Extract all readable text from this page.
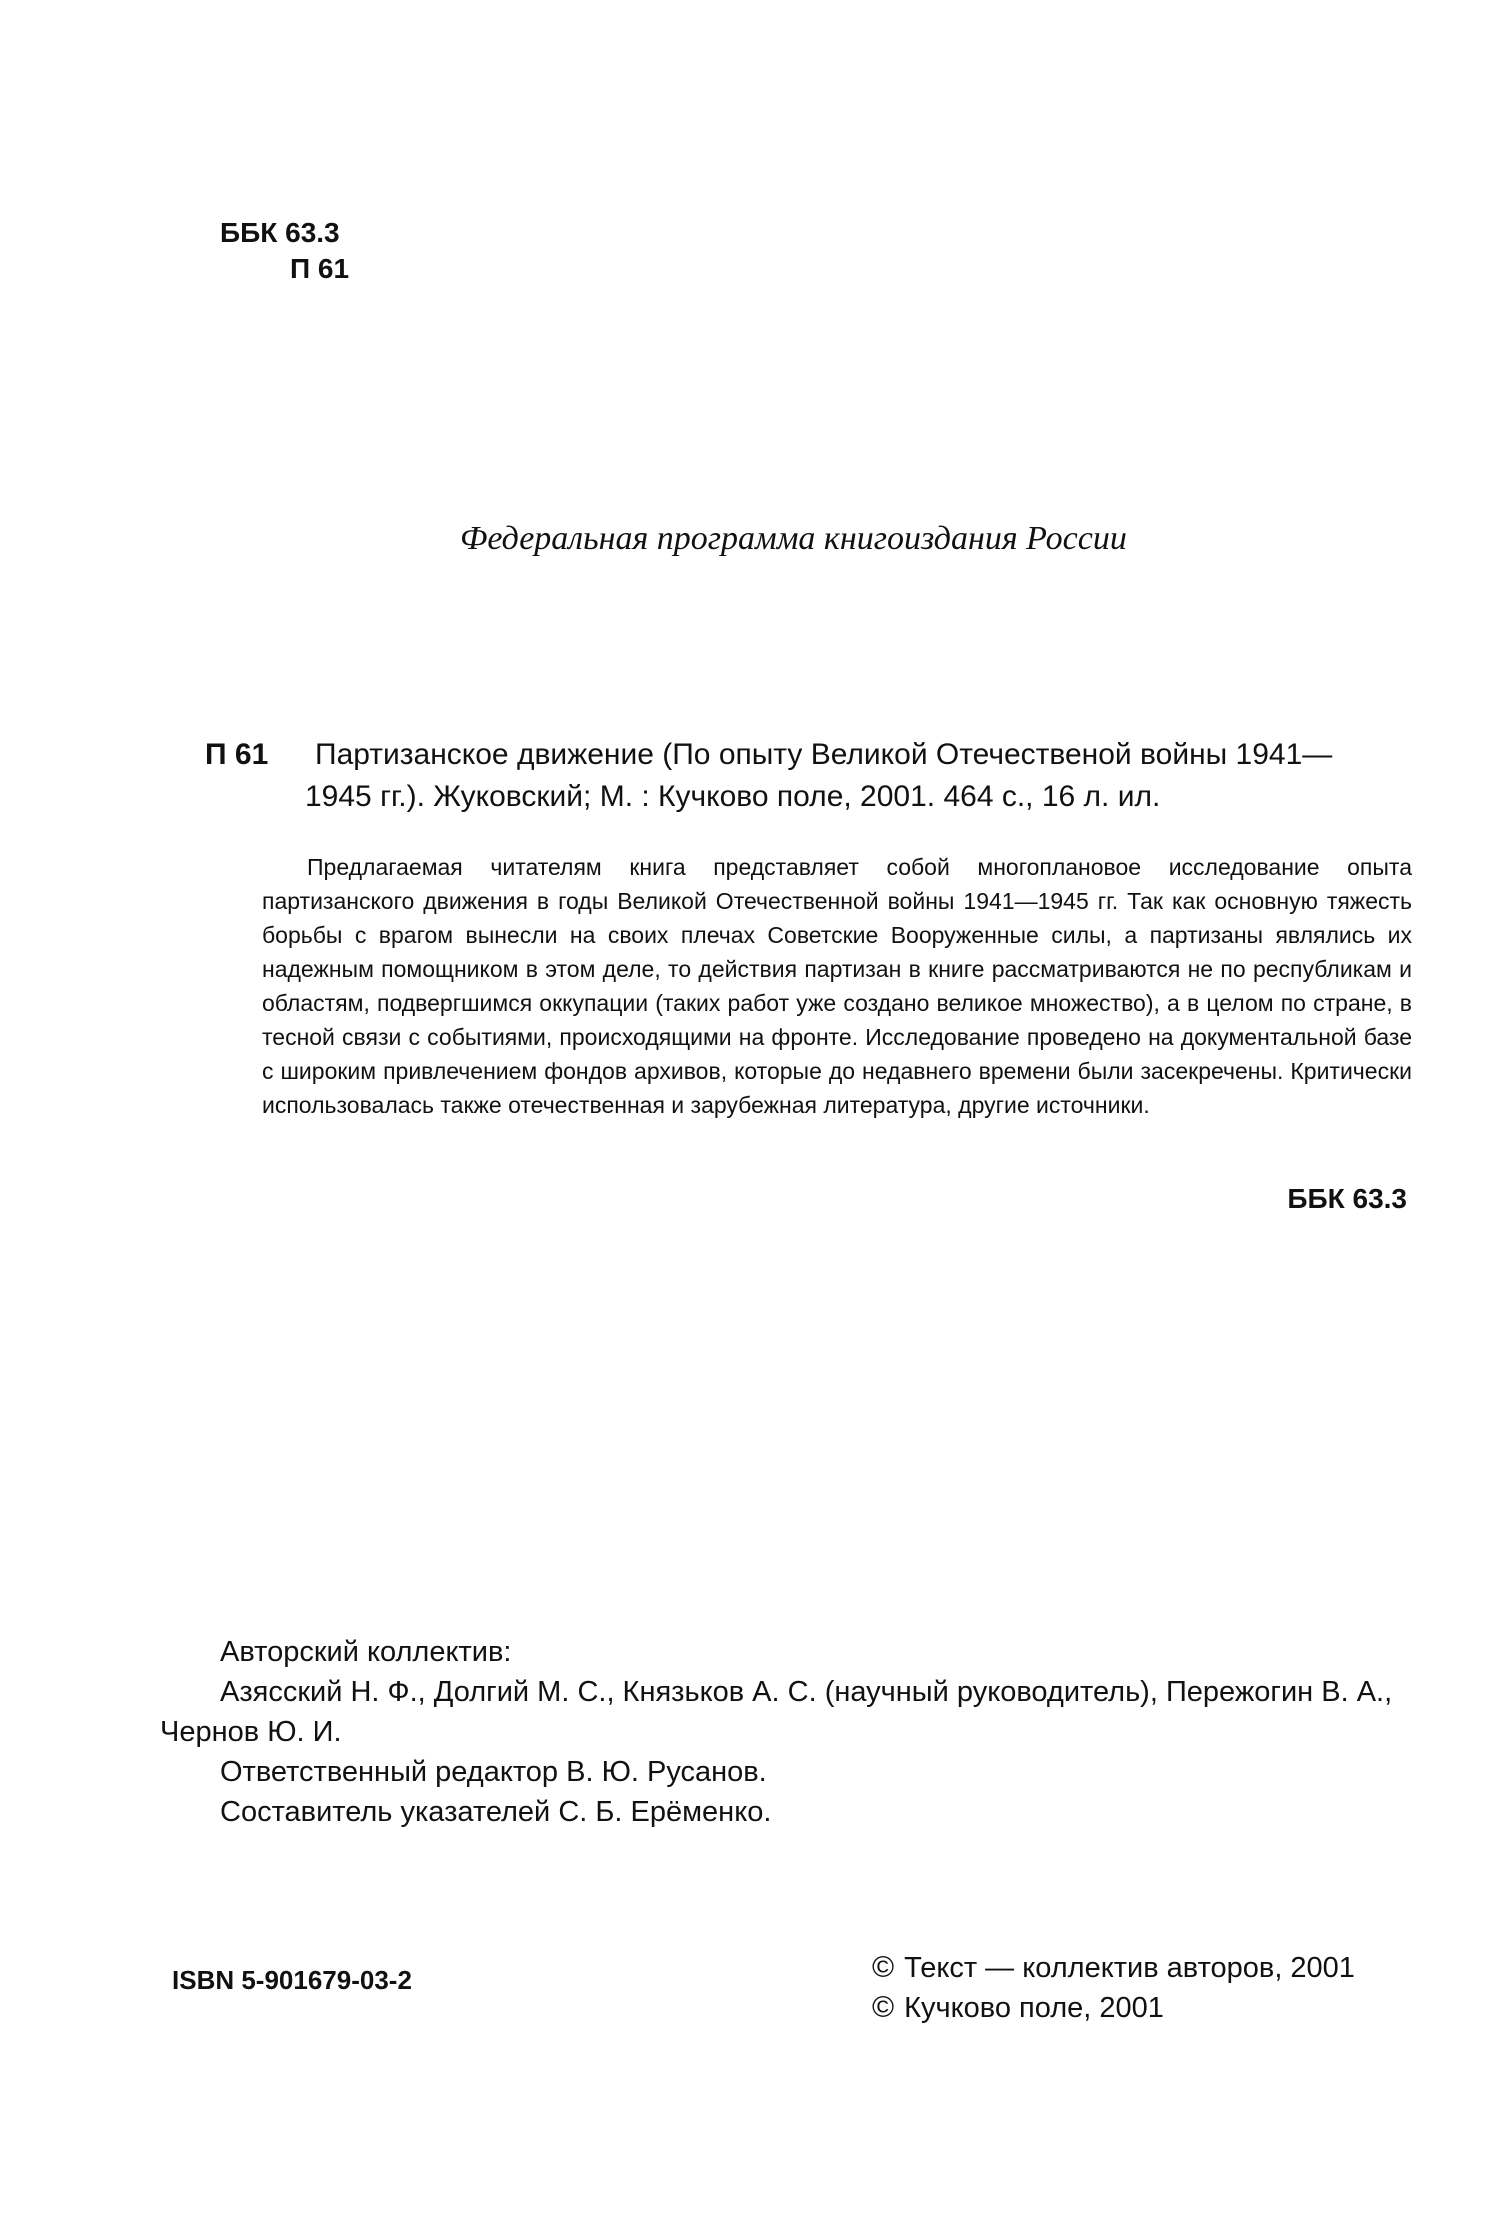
ББК 63.3
П 61
Федеральная программа книгоиздания России
П 61 Партизанское движение (По опыту Великой Отечественой войны 1941—
1945 гг.). Жуковский; М. : Кучково поле, 2001. 464 с., 16 л. ил.
Предлагаемая читателям книга представляет собой многоплановое исследование опыта партизанского движения в годы Великой Отечественной войны 1941—1945 гг. Так как основную тяжесть борьбы с врагом вынесли на своих плечах Советские Вооруженные силы, а партизаны являлись их надежным помощником в этом деле, то действия партизан в книге рассматриваются не по республикам и областям, подвергшимся оккупации (таких работ уже создано великое множество), а в целом по стране, в тесной связи с событиями, происходящими на фронте. Исследование проведено на документальной базе с широким привлечением фондов архивов, которые до недавнего времени были засекречены. Критически использовалась также отечественная и зарубежная литература, другие источники.
ББК 63.3
Авторский коллектив:
Азясский Н. Ф., Долгий М. С., Князьков А. С. (научный руководитель), Пережогин В. А., Чернов Ю. И.
Ответственный редактор В. Ю. Русанов.
Составитель указателей С. Б. Ерёменко.
ISBN 5-901679-03-2	© Текст — коллектив авторов, 2001
© Кучково поле, 2001
